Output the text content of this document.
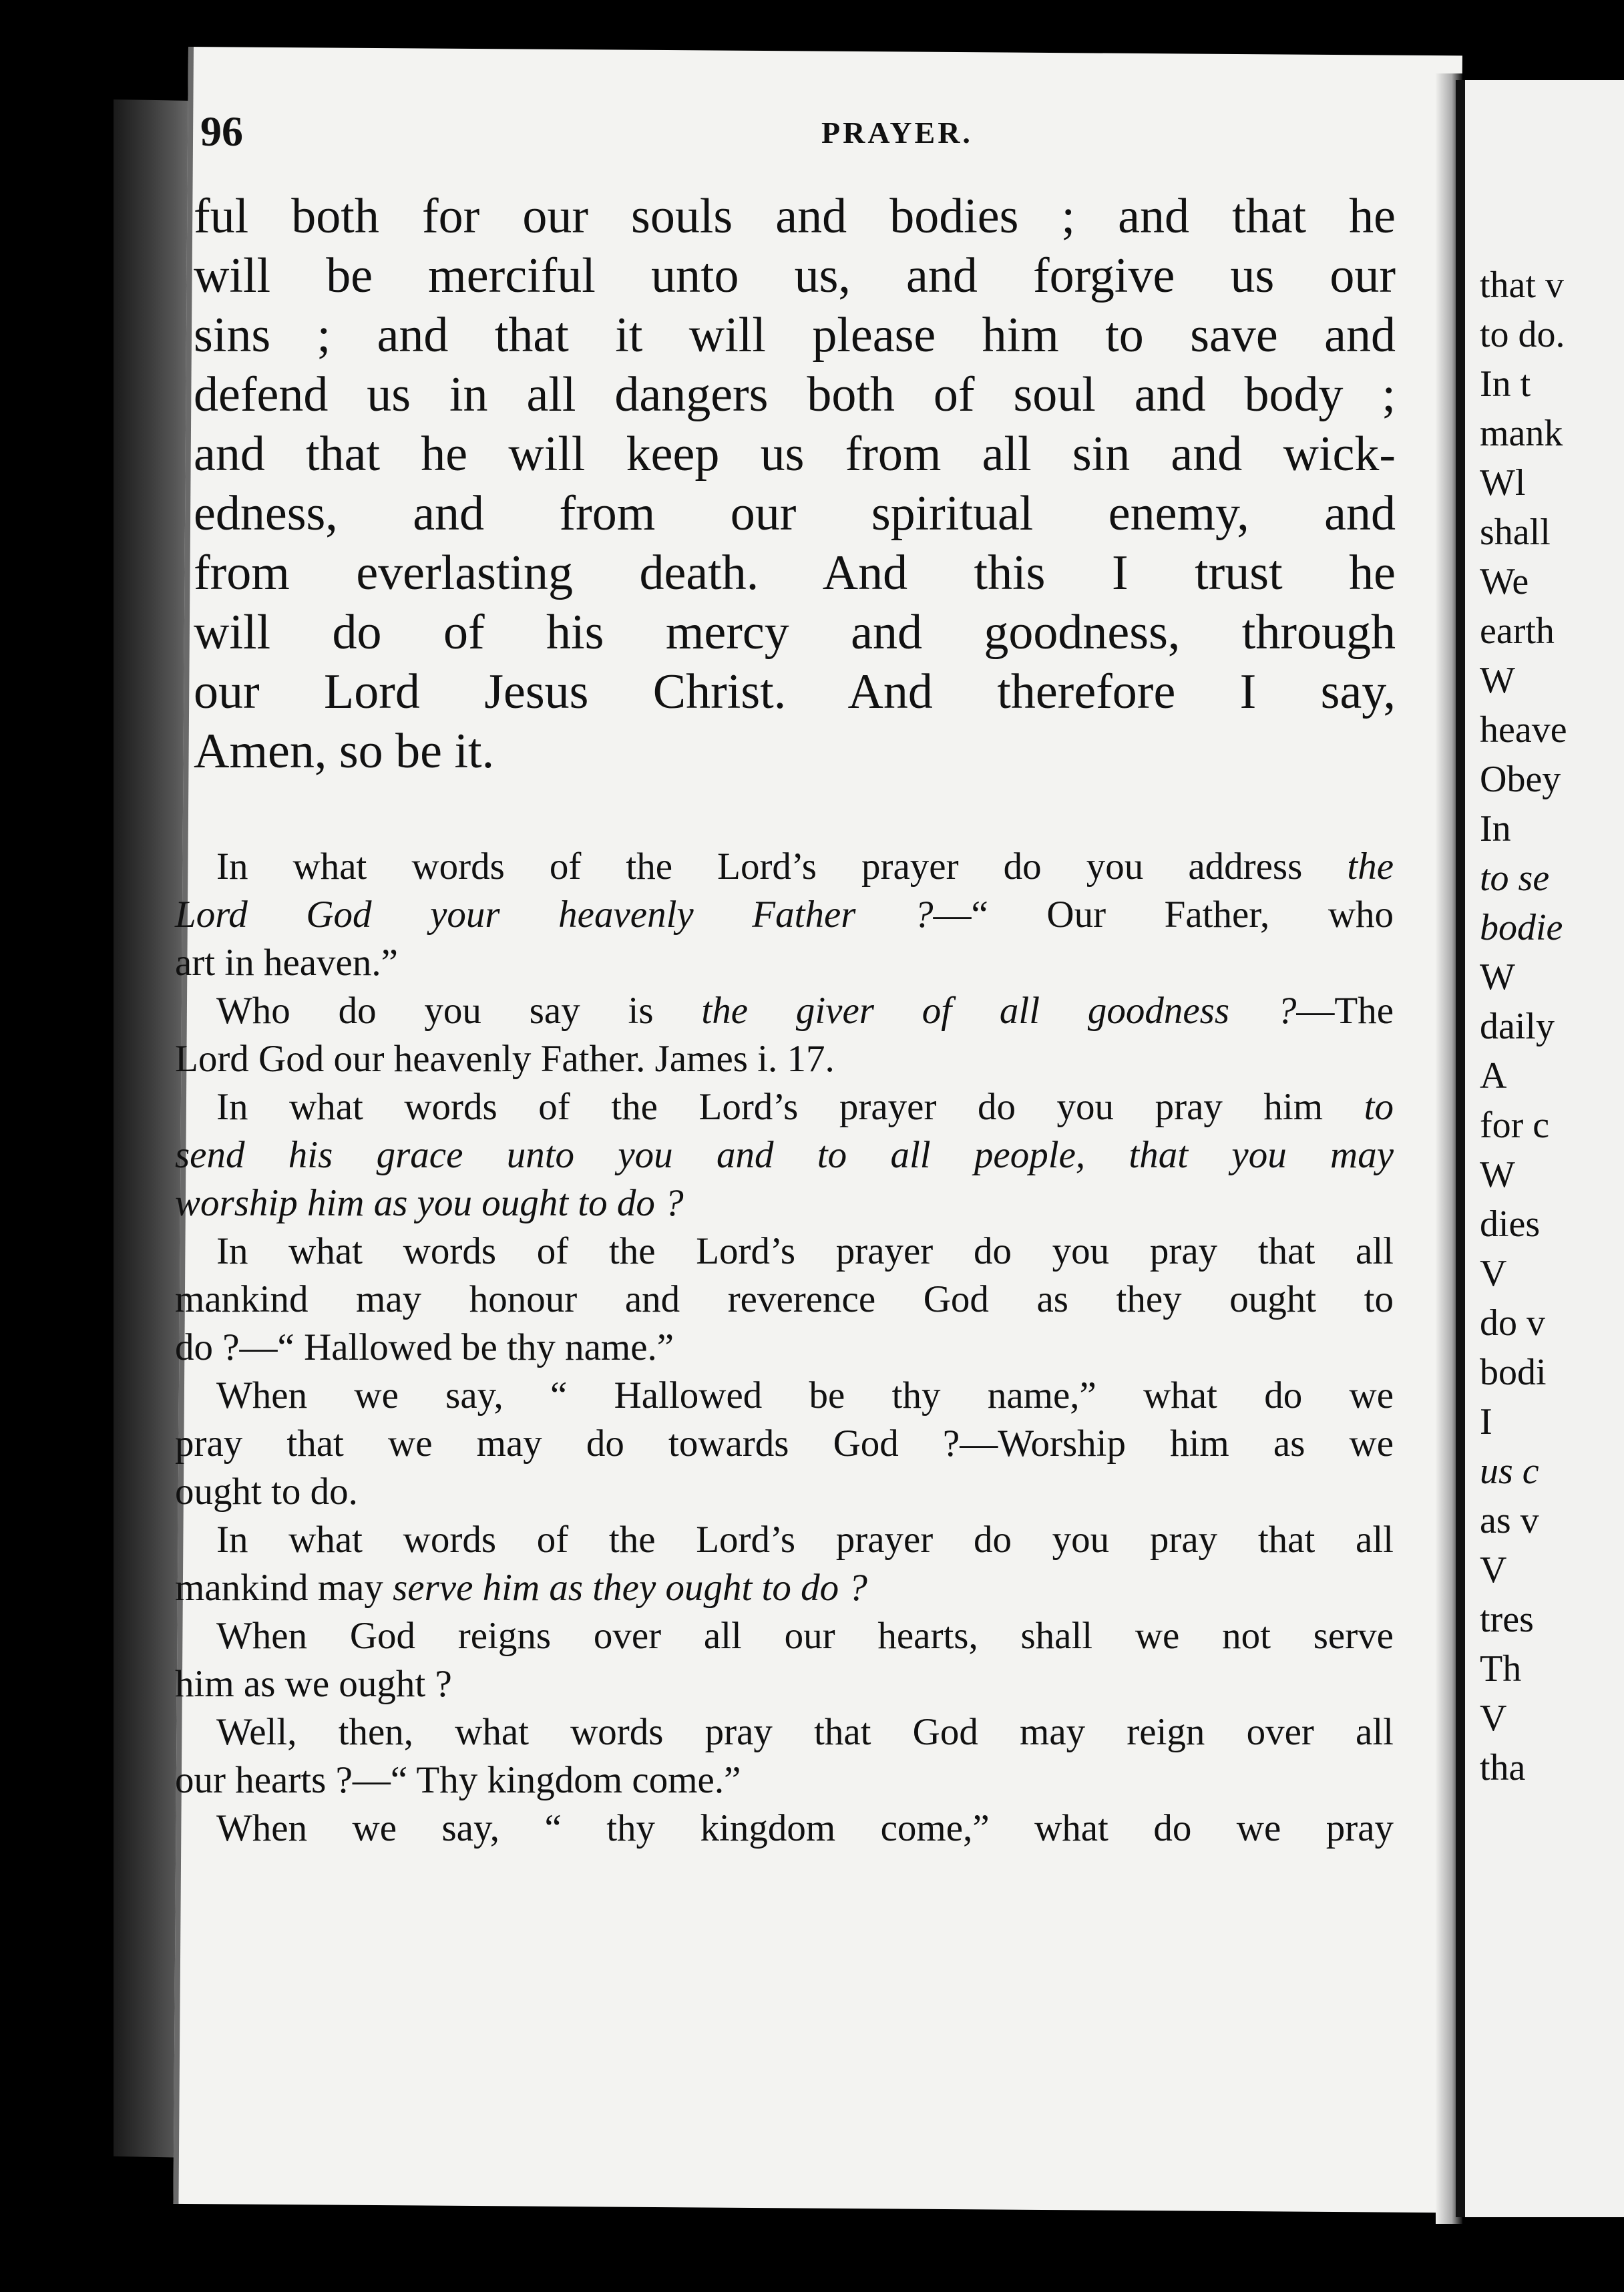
that v
to do.
In t
mank
Wl
shall
We
earth
W
heave
Obey
In
to se
bodie
W
daily
A
for c
W
dies
V
do v
bodi
I
us c
as v
V
tres
Th
V
tha
96	PRAYER.
ful both for our souls and bodies ; and that he
will be merciful unto us, and forgive us our
sins ; and that it will please him to save and
defend us in all dangers both of soul and body ;
and that he will keep us from all sin and wick-
edness, and from our spiritual enemy, and
from everlasting death. And this I trust he
will do of his mercy and goodness, through
our Lord Jesus Christ. And therefore I say,
Amen, so be it.
In what words of the Lord’s prayer do you address the
Lord God your heavenly Father ?—“ Our Father, who
art in heaven.”
Who do you say is the giver of all goodness ?—The
Lord God our heavenly Father. James i. 17.
In what words of the Lord’s prayer do you pray him to
send his grace unto you and to all people, that you may
worship him as you ought to do ?
In what words of the Lord’s prayer do you pray that all
mankind may honour and reverence God as they ought to
do ?—“ Hallowed be thy name.”
When we say, “ Hallowed be thy name,” what do we
pray that we may do towards God ?—Worship him as we
ought to do.
In what words of the Lord’s prayer do you pray that all
mankind may serve him as they ought to do ?
When God reigns over all our hearts, shall we not serve
him as we ought ?
Well, then, what words pray that God may reign over all
our hearts ?—“ Thy kingdom come.”
When we say, “ thy kingdom come,” what do we pray
